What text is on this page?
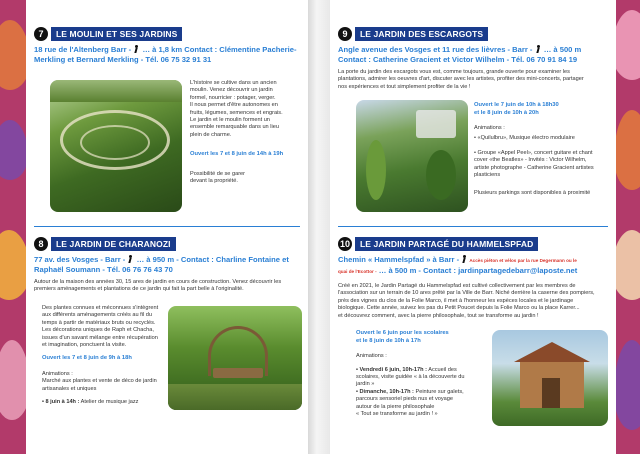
7	LE MOULIN ET SES JARDINS
18 rue de l'Altenberg Barr - … à 1,8 km Contact : Clémentine Pacherie-
Merkling et Bernard Merkling - Tél. 06 75 32 91 31
L'histoire se cultive dans un ancien
moulin. Venez découvrir un jardin
formel, nourricier : potager, verger.
Il nous permet d'être autonomes en
fruits, légumes, semences et engrais.
Le jardin et le moulin forment un
ensemble remarquable dans un lieu
plein de charme.
Ouvert les 7 et 8 juin de 14h à 19h
Possibilité de se garer
devant la propriété.
8	LE JARDIN DE CHARANOZI
77 av. des Vosges - Barr - … à 950 m - Contact : Charline Fontaine et
Raphaël Soumann - Tél. 06 76 76 43 70
Autour de la maison des années 30, 15 ares de jardin en cours de construction. Venez découvrir les
premiers aménagements et plantations de ce jardin qui fait la part belle à l'originalité.
Des plantes connues et méconnues s'intègrent
aux différents aménagements créés au fil du
temps à partir de matériaux bruts ou recyclés.
Les décorations uniques de Raph et Chacha,
issues d'un savant mélange entre récupération
et imagination, ponctuent la visite.
Ouvert les 7 et 8 juin de 9h à 18h
Animations :
Marché aux plantes et vente de déco de jardin
artisanales et uniques
• 8 juin à 14h : Atelier de musique jazz
9	LE JARDIN DES ESCARGOTS
Angle avenue des Vosges et 11 rue des lièvres - Barr - … à 500 m
Contact : Catherine Gracient et Victor Wilhelm - Tél. 06 70 91 84 19
La porte du jardin des escargots vous est, comme toujours, grande ouverte pour examiner les
plantations, admirer les oeuvres d'art, discuter avec les artistes, profiter des mini-concerts, partager
nos expériences et tout simplement profiter de la vie !
Ouvert le 7 juin de 10h à 18h30
et le 8 juin de 10h à 20h
Animations :
• «Quilulbru», Musique électro modulaire
• Groupe «Appel Peel», concert guitare et chant
cover «the Beatles» - Invités : Victor Wilhelm,
artiste photographe - Catherine Gracient artistes
plasticiens
Plusieurs parkings sont disponibles à proximité
10	LE JARDIN PARTAGÉ DU HAMMELSPFAD
Chemin « Hammelspfad » à Barr -  Accès piéton et vélos par la rue Degermann ou le
quai de l'Ecottor - … à 500 m - Contact : jardinpartagedebarr@laposte.net
Créé en 2021, le Jardin Partagé du Hammelspfad est cultivé collectivement par les membres de
l'association sur un terrain de 10 ares prêté par la Ville de Barr. Niché derrière la caserne des pompiers,
près des vignes du clos de la Folie Marco, il met à l'honneur les espèces locales et le jardinage
biologique. Cette année, suivez les pas du Petit Poucet depuis la Folie Marco ou la place Karrer...
et découvrez comment, avec la pierre philosophale, tout se transforme au jardin !
Ouvert le 6 juin pour les scolaires
et le 8 juin de 10h à 17h
Animations :
• Vendredi 6 juin, 10h-17h : Accueil des
scolaires, visite guidée « à la découverte du
jardin »
• Dimanche, 10h-17h : Peinture sur galets,
parcours sensoriel pieds nus et voyage
autour de la pierre philosophale
« Tout se transforme au jardin ! »
